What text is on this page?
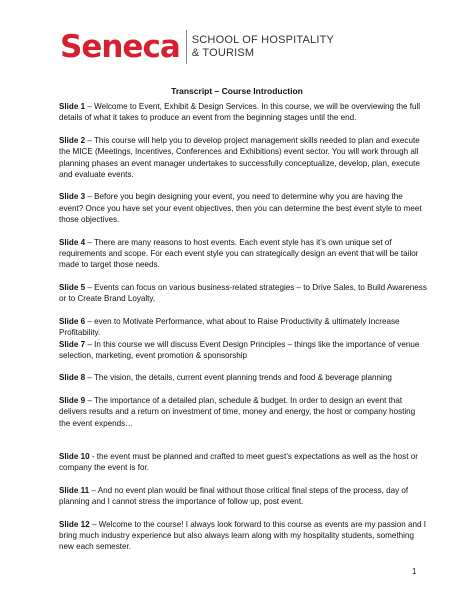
Seneca SCHOOL OF HOSPITALITY
& TOURISM
Transcript – Course Introduction

Slide 1 – Welcome to Event, Exhibit & Design Services. In this course, we will be overviewing the full details of what it takes to produce an event from the beginning stages until the end.

Slide 2 – This course will help you to develop project management skills needed to plan and execute the MICE (Meetings, Incentives, Conferences and Exhibitions) event sector. You will work through all planning phases an event manager undertakes to successfully conceptualize, develop, plan, execute and evaluate events.

Slide 3 – Before you begin designing your event, you need to determine why you are having the event? Once you have set your event objectives, then you can determine the best event style to meet those objectives.

Slide 4 – There are many reasons to host events. Each event style has it’s own unique set of requirements and scope. For each event style you can strategically design an event that will be tailor made to target those needs.

Slide 5 – Events can focus on various business-related strategies – to Drive Sales, to Build Awareness or to Create Brand Loyalty,

Slide 6 – even to Motivate Performance, what about to Raise Productivity & ultimately Increase Profitability.

Slide 7 – In this course we will discuss Event Design Principles – things like the importance of venue selection, marketing, event promotion & sponsorship

Slide 8 – The vision, the details, current event planning trends and food & beverage planning

Slide 9 – The importance of a detailed plan, schedule & budget. In order to design an event that delivers results and a return on investment of time, money and energy, the host or company hosting the event expends…

Slide 10 - the event must be planned and crafted to meet guest’s expectations as well as the host or company the event is for.

Slide 11 – And no event plan would be final without those critical final steps of the process, day of planning and I cannot stress the importance of follow up, post event.

Slide 12 – Welcome to the course! I always look forward to this course as events are my passion and I bring much industry experience but also always learn along with my hospitality students, something new each semester.

1
